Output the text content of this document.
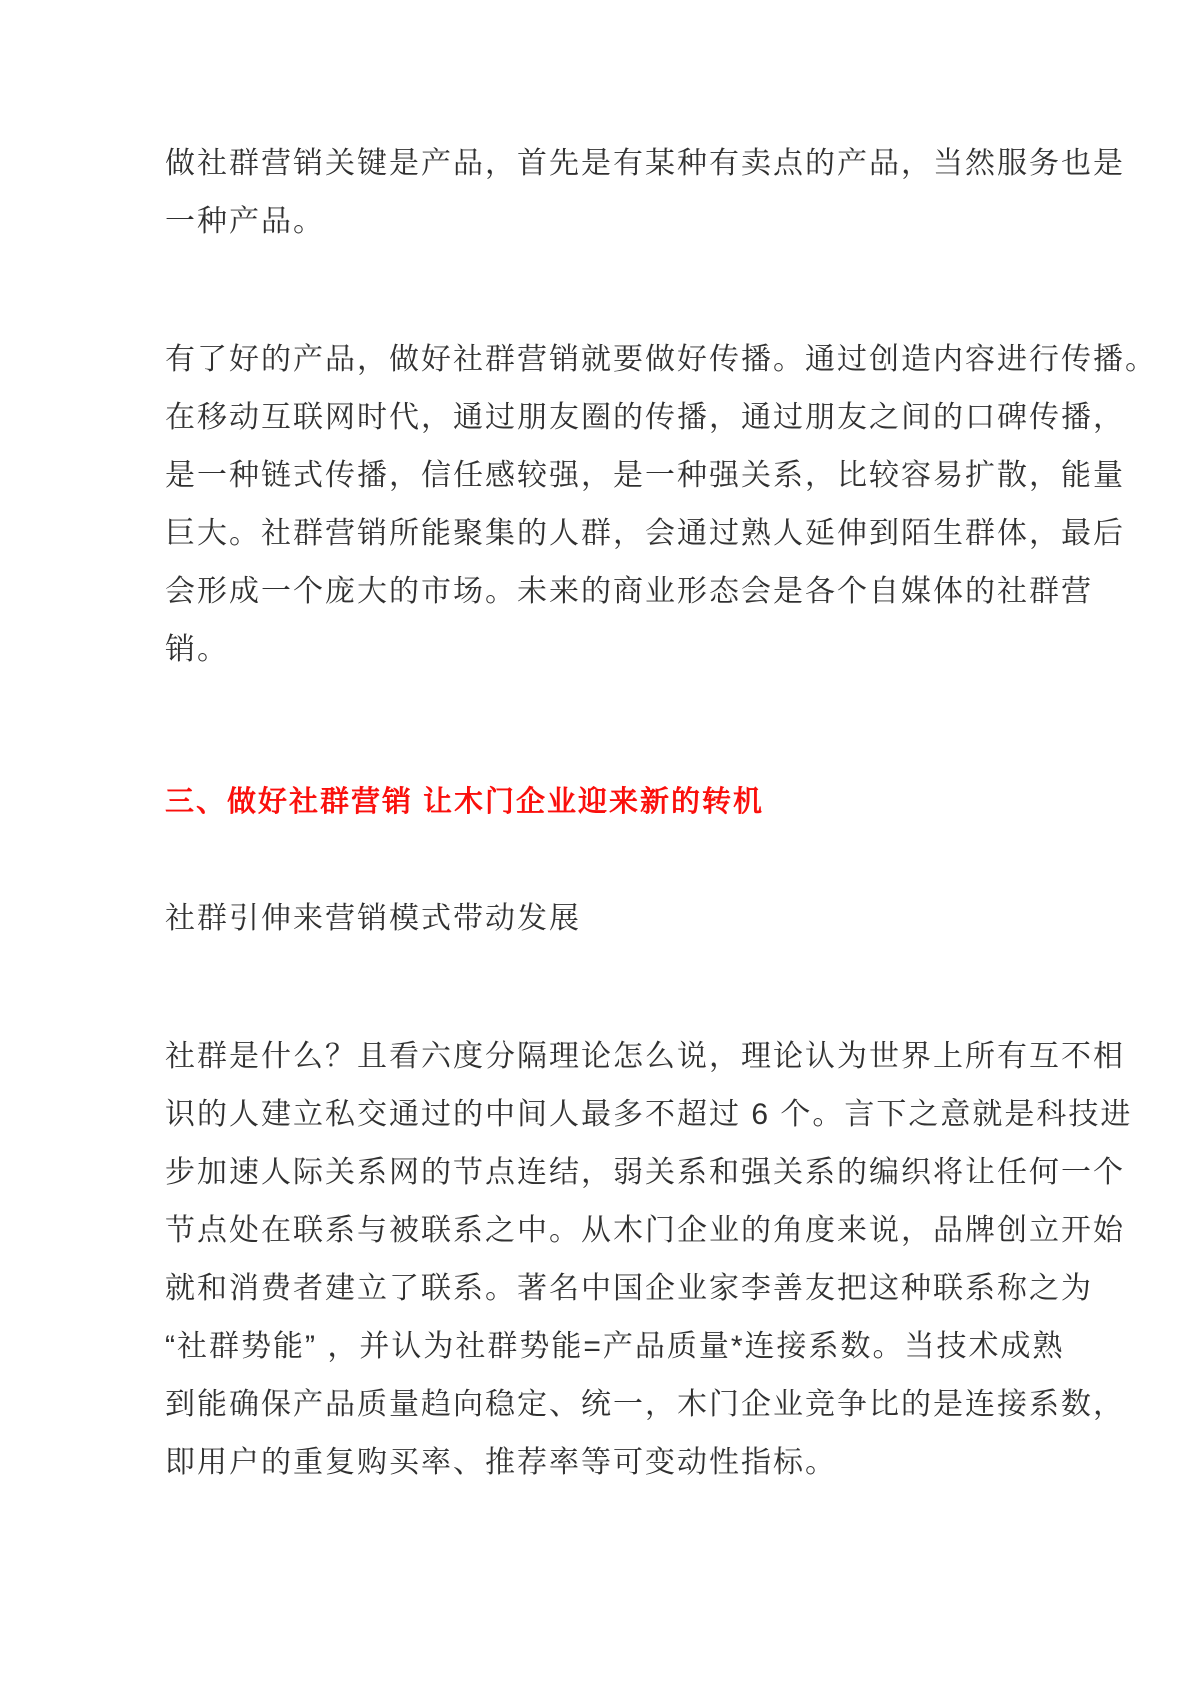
做社群营销关键是产品，首先是有某种有卖点的产品，当然服务也是
一种产品。
有了好的产品，做好社群营销就要做好传播。通过创造内容进行传播。
在移动互联网时代，通过朋友圈的传播，通过朋友之间的口碑传播，
是一种链式传播，信任感较强，是一种强关系，比较容易扩散，能量
巨大。社群营销所能聚集的人群，会通过熟人延伸到陌生群体，最后
会形成一个庞大的市场。未来的商业形态会是各个自媒体的社群营
销。
三、做好社群营销 让木门企业迎来新的转机
社群引伸来营销模式带动发展
社群是什么？且看六度分隔理论怎么说，理论认为世界上所有互不相
识的人建立私交通过的中间人最多不超过 6 个。言下之意就是科技进
步加速人际关系网的节点连结，弱关系和强关系的编织将让任何一个
节点处在联系与被联系之中。从木门企业的角度来说，品牌创立开始
就和消费者建立了联系。著名中国企业家李善友把这种联系称之为
“社群势能” ，并认为社群势能=产品质量*连接系数。当技术成熟
到能确保产品质量趋向稳定、统一，木门企业竞争比的是连接系数，
即用户的重复购买率、推荐率等可变动性指标。
